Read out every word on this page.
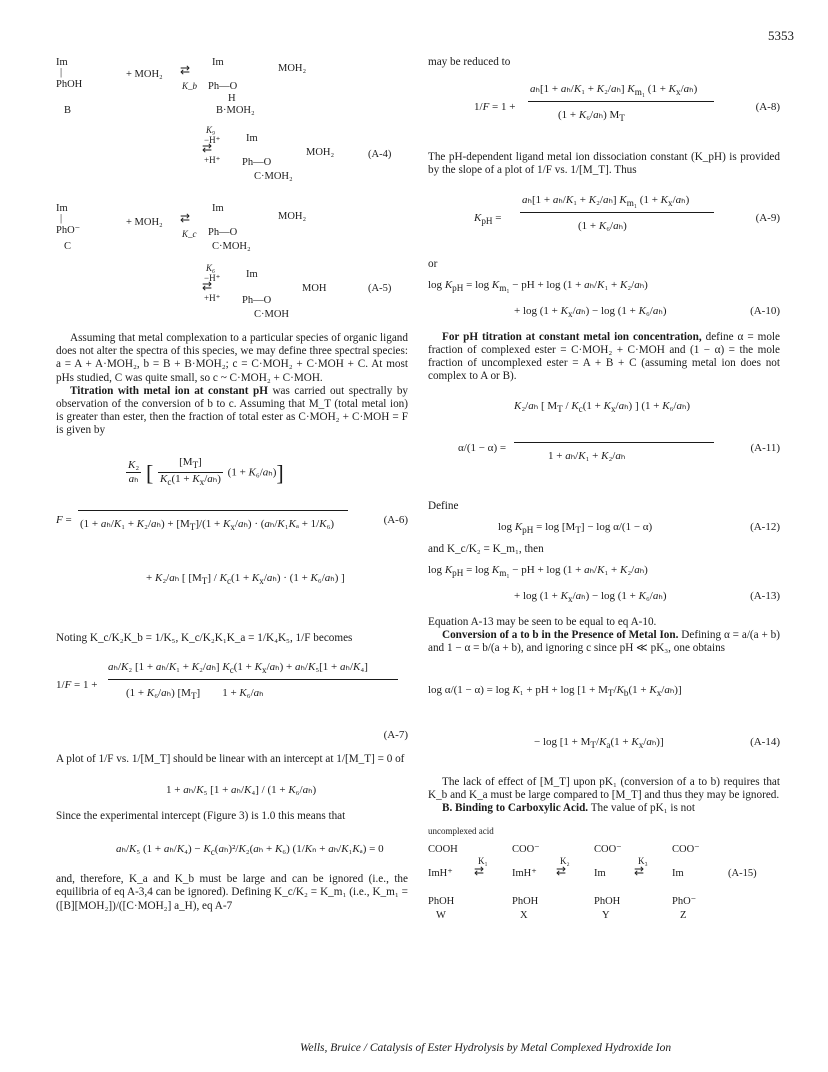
5353
Im
|
PhOH
B
+ MOH₂ ⇄
K_b
Im
MOH₂
Ph—O
H
B·MOH₂
K₉
−H⁺
⇄
+H⁺
Im
MOH₂
Ph—O
C·MOH₂
(A-4)
Im
|
PhO⁻
C
+ MOH₂ ⇄
K_c
Im
MOH₂
Ph—O
C·MOH₂
K₆
−H⁺
⇄
+H⁺
Im
MOH
Ph—O
C·MOH
(A-5)

Assuming that metal complexation to a particular species of organic ligand does not alter the spectra of this species, we may define three spectral species: a = A + A·MOH₂, b = B + B·MOH₂; c = C·MOH₂ + C·MOH + C. At most pHs studied, C was quite small, so c ~ C·MOH₂ + C·MOH.

Titration with metal ion at constant pH was carried out spectrally by observation of the conversion of b to c. Assuming that M_T (total metal ion) is greater than ester, then the fraction of total ester as C·MOH₂ + C·MOH = F is given by

$\frac{\text{K₂}}{\text{aₕ}}$ [ $\frac{[M_T]}{K_c(1 + K_x/a_h)} (1 + K_6/a_h)$]
$F = (1 + a_h/K_1 + K_2/a_h) + [M_T]/(1 + K_x/a_h) \cdot (a_h/K_1K_a + 1/K_6)$	(A-6)
+ K₂/aₕ [ $[M_T] / K_c(1 + K_x/a_h) \cdot (1 + K_6/a_h)$ ]

Noting K_c/K₂K_b = 1/K₅, K_c/K₂K₁K_a = 1/K₄K₅, 1/F becomes

1/F = 1 +
aₕ/K₂ [1 + aₕ/K₁ + K₂/aₕ] $K_c(1 + K_x/a_h) + a_h/K_5[1 + a_h/K_4]$
(1 + K₆/aₕ) $[M_T]$        1 + K₆/aₕ
(A-7)

A plot of 1/F vs. 1/[M_T] should be linear with an intercept at 1/[M_T] = 0 of

1 + aₕ/K₅ [1 + aₕ/K₄] / (1 + K₆/aₕ)

Since the experimental intercept (Figure 3) is 1.0 this means that

aₕ/K₅ $(1 + a_h/K_4) - K_c(a_h)^2/K_2(a_h + K_6) (1/K_n + a_h/K_1K_a) = 0$

and, therefore, K_a and K_b must be large and can be ignored (i.e., the equilibria of eq A-3,4 can be ignored). Defining K_c/K₂ = K_m₁ (i.e., K_m₁ = ([B][MOH₂])/([C·MOH₂] a_H), eq A-7

may be reduced to

1/F = 1 +
aₕ[1 + aₕ/K₁ + K₂/aₕ] $K_{m_1}$ $(1 + K_x/a_h)$
(1 + K₆/aₕ) $M_T$
(A-8)

The pH-dependent ligand metal ion dissociation constant (K_pH) is provided by the slope of a plot of 1/F vs. 1/[M_T]. Thus

$K_{pH}$ =
aₕ[1 + aₕ/K₁ + K₂/aₕ] $K_{m_1}$ $(1 + K_x/a_h)$
(1 + K₆/aₕ)
(A-9)

or

$\log K_{pH} = \log K_{m_1}$ − pH + log (1 + aₕ/K₁ + K₂/aₕ)
+ $\log (1 + K_x/a_h) - \log (1 + K_6/a_h)$	(A-10)

For pH titration at constant metal ion concentration, define α = mole fraction of complexed ester = C·MOH₂ + C·MOH and (1 − α) = the mole fraction of uncomplexed ester = A + B + C (assuming metal ion does not complex to A or B).

K₂/aₕ [ $M_T / K_c(1 + K_x/a_h)$ ] (1 + K₆/aₕ)
α/(1 − α) =
1 + aₕ/K₁ + K₂/aₕ
(A-11)

Define

$\log K_{pH} = \log [M_T] - \log \alpha/(1 - \alpha)$	(A-12)

and K_c/K₂ = K_m₁, then

$\log K_{pH} = \log K_{m_1}$ − pH + log (1 + aₕ/K₁ + K₂/aₕ)
+ $\log (1 + K_x/a_h) - \log (1 + K_6/a_h)$	(A-13)

Equation A-13 may be seen to be equal to eq A-10.

Conversion of a to b in the Presence of Metal Ion. Defining α = a/(a + b) and 1 − α = b/(a + b), and ignoring c since pH ≪ pK₃, one obtains

log α/(1 − α) = log K₁ + pH + $\log [1 + M_T/K_b(1 + K_x/a_h)]$
− $\log [1 + M_T/K_a(1 + K_x/a_h)]$	(A-14)

The lack of effect of [M_T] upon pK₁ (conversion of a to b) requires that K_b and K_a must be large compared to [M_T] and thus they may be ignored.

B. Binding to Carboxylic Acid. The value of pK₁ is not

uncomplexed acid
COOH
ImH⁺
PhOH
W
K₁
⇄
COO⁻
ImH⁺
PhOH
X
K₂
⇄
COO⁻
Im
PhOH
Y
K₃
⇄
COO⁻
Im
PhO⁻
Z
(A-15)
Wells, Bruice / Catalysis of Ester Hydrolysis by Metal Complexed Hydroxide Ion
